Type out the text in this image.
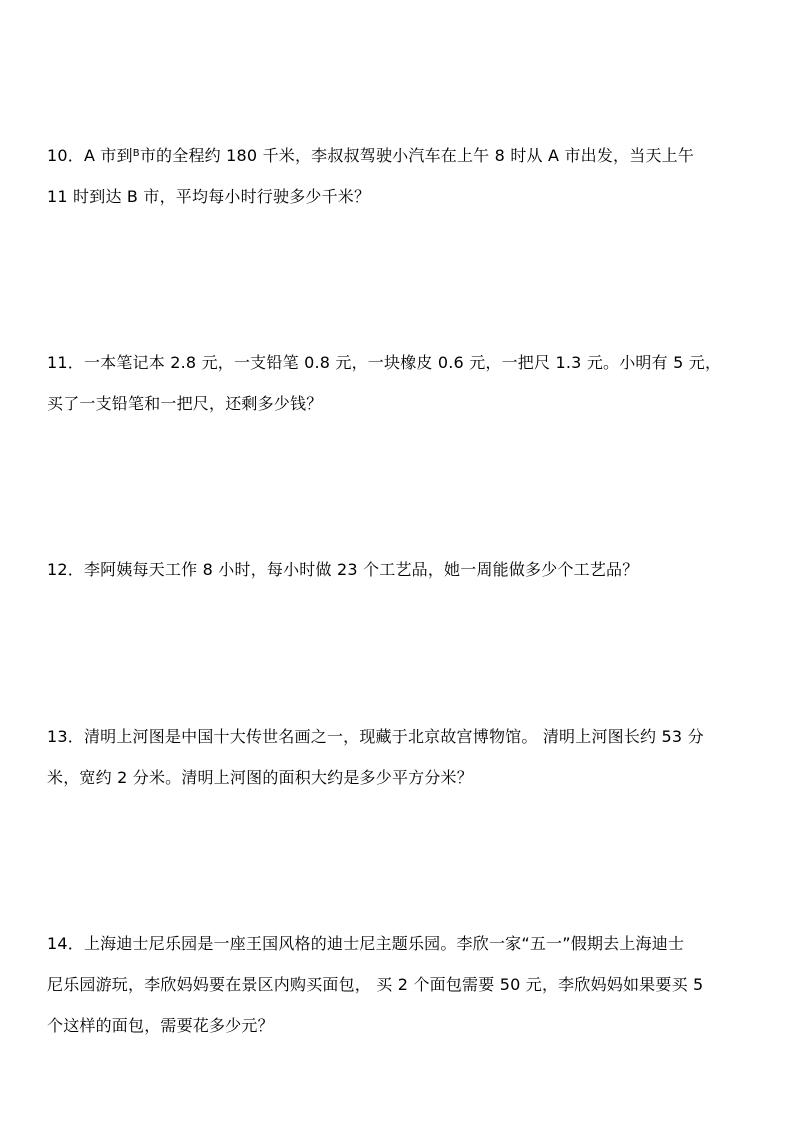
10．A 市到$^B$市的全程约 180 千米，李叔叔驾驶小汽车在上午 8 时从 A 市出发，当天上午
11 时到达 B 市，平均每小时行驶多少千米？
11．一本笔记本 2.8 元，一支铅笔 0.8 元，一块橡皮 0.6 元，一把尺 1.3 元。小明有 5 元，
买了一支铅笔和一把尺，还剩多少钱？
12．李阿姨每天工作 8 小时，每小时做 23 个工艺品，她一周能做多少个工艺品？
13．清明上河图是中国十大传世名画之一，现藏于北京故宫博物馆。 清明上河图长约 53 分
米，宽约 2 分米。清明上河图的面积大约是多少平方分米？
14．上海迪士尼乐园是一座王国风格的迪士尼主题乐园。李欣一家“五一”假期去上海迪士
尼乐园游玩，李欣妈妈要在景区内购买面包， 买 2 个面包需要 50 元，李欣妈妈如果要买 5
个这样的面包，需要花多少元？
